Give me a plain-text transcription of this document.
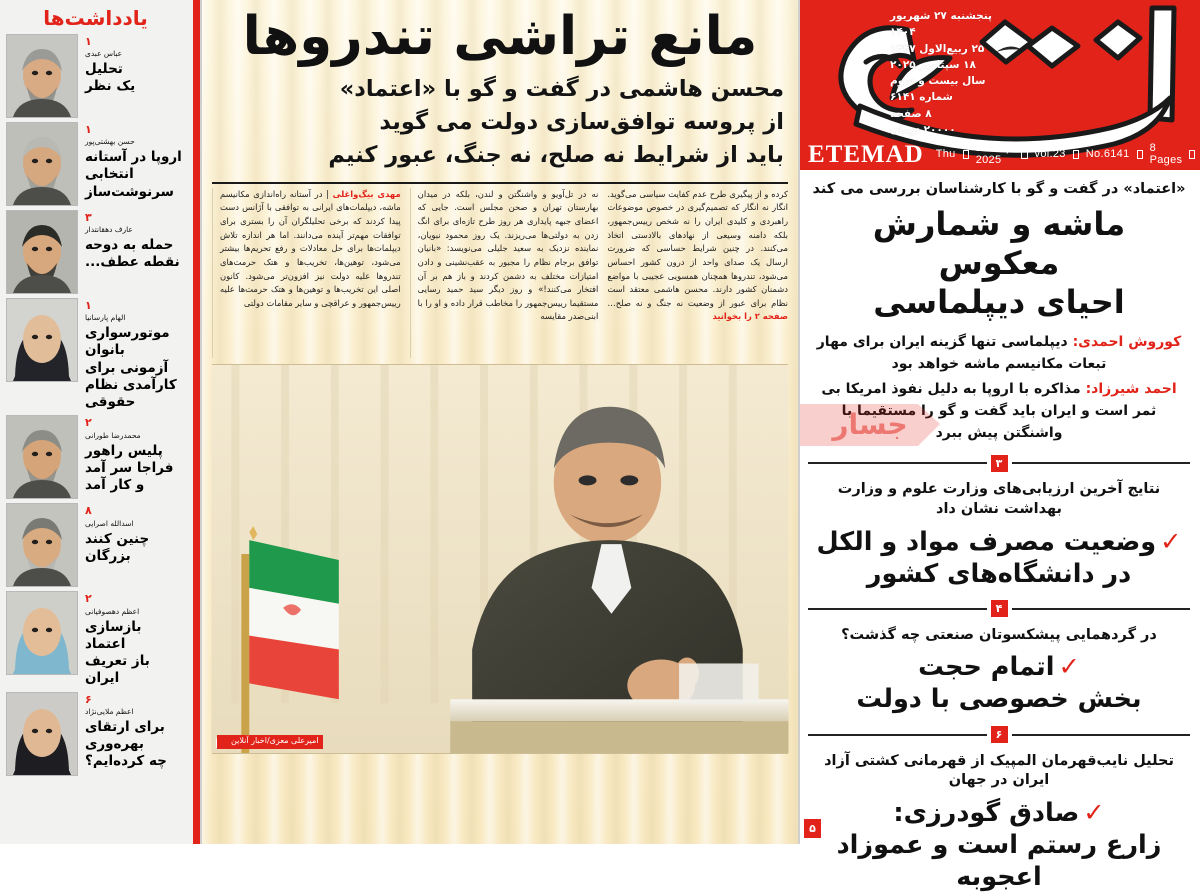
یادداشت‌ها
۱
عباس عبدی
تحلیل
یک نظر
۱
حسن بهشتی‌پور
اروپا در آستانه
انتخابی
سرنوشت‌ساز
۳
عارف دهقانتدار
حمله به دوحه
نقطه عطف...
۱
الهام پارسانیا
موتورسواری بانوان
آزمونی برای
کارآمدی نظام حقوقی
۲
محمدرضا طورانی
پلیس راهور
فراجا سر آمد
و کار آمد
۸
اسدالله اصرایی
چنین کنند
بزرگان
۲
اعظم دهصوفیانی
بازسازی اعتماد
باز تعریف ایران
۶
اعظم ملایی‌نژاد
برای ارتقای
بهره‌وری
چه کرده‌ایم؟
مانع تراشی تندروها
محسن هاشمی در گفت و گو با «اعتماد»
از پروسه توافق‌سازی دولت می گوید
باید از شرایط نه صلح، نه جنگ، عبور کنیم
مهدی بیگ‌واغلی | در آستانه راه‌اندازی مکانیسم ماشه، دیپلمات‌های ایرانی به توافقی با آژانس دست پیدا کردند که برخی تحلیلگران آن را بستری برای توافقات مهم‌تر آینده می‌دانند. اما هر اندازه تلاش دیپلمات‌ها برای حل معادلات و رفع تحریم‌ها بیشتر می‌شود، توهین‌ها، تخریب‌ها و هتک حرمت‌های تندروها علیه دولت نیز افزون‌تر می‌شود. کانون اصلی این تخریب‌ها و توهین‌ها و هتک حرمت‌ها علیه رییس‌جمهور و عراقچی و سایر مقامات دولتی
نه در تل‌آویو و واشنگتن و لندن، بلکه در میدان بهارستان تهران و صحن مجلس است. جایی که اعضای جبهه پایداری هر روز طرح تازه‌ای برای انگ زدن به دولتی‌ها می‌ریزند. یک روز محمود نبویان، نماینده نزدیک به سعید جلیلی می‌نویسد: «بانیان توافق برجام نظام را مجبور به عقب‌نشینی و دادن امتیازات مختلف به دشمن کردند و باز هم بر آن افتخار می‌کنند!» و روز دیگر سید حمید رسایی مستقیما رییس‌جمهور را مخاطب قرار داده و او را با ابنی‌صدر مقایسه
کرده و از پیگیری طرح عدم کفایت سیاسی می‌گوید. انگار نه انگار که تصمیم‌گیری در خصوص موضوعات راهبردی و کلیدی ایران را نه شخص رییس‌جمهور، بلکه دامنه وسیعی از نهادهای بالادستی اتخاذ می‌کنند. در چنین شرایط حساسی که ضرورت ارسال یک صدای واحد از درون کشور احساس می‌شود، تندروها همچنان همسویی عجیبی با مواضع دشمنان کشور دارند. محسن هاشمی معتقد است نظام برای عبور از وضعیت نه جنگ و نه صلح… صفحه ۲ را بخوانید
امیرعلی معزی/اخبار آنلاین
پنجشنبه ۲۷ شهریور ۱۴۰۴
۲۵ ربیع‌الاول ۱۴۴۷
۱۸ سپتامبر ۲۰۲۵
سال بیست و سوم
شماره ۶۱۴۱
۸ صفحه
۲۰۰۰۰ تومان
ETEMAD Thu 18 Sep 2025	vol.23 No.6141 8 Pages
«اعتماد» در گفت و گو با کارشناسان بررسی می کند
ماشه و شمارش معکوس
احیای دیپلماسی
کوروش احمدی: دیپلماسی تنها گزینه ایران برای مهار تبعات مکانیسم ماشه خواهد بود
احمد شیرزاد: مذاکره با اروپا به دلیل نفوذ امریکا بی ثمر است و ایران باید گفت و گو را مستقیما با واشنگتن پیش ببرد
۳
نتایج آخرین ارزیابی‌های وزارت علوم و وزارت بهداشت نشان داد
✓وضعیت مصرف مواد و الکل
در دانشگاه‌های کشور
۴
در گردهمایی پیشکسوتان صنعتی چه گذشت؟
✓اتمام حجت
بخش خصوصی با دولت
۶
تحلیل نایب‌قهرمان المپیک از قهرمانی کشتی آزاد ایران در جهان
✓صادق گودرزی:
زارع رستم است و عموزاد اعجوبه
جسار
۵
